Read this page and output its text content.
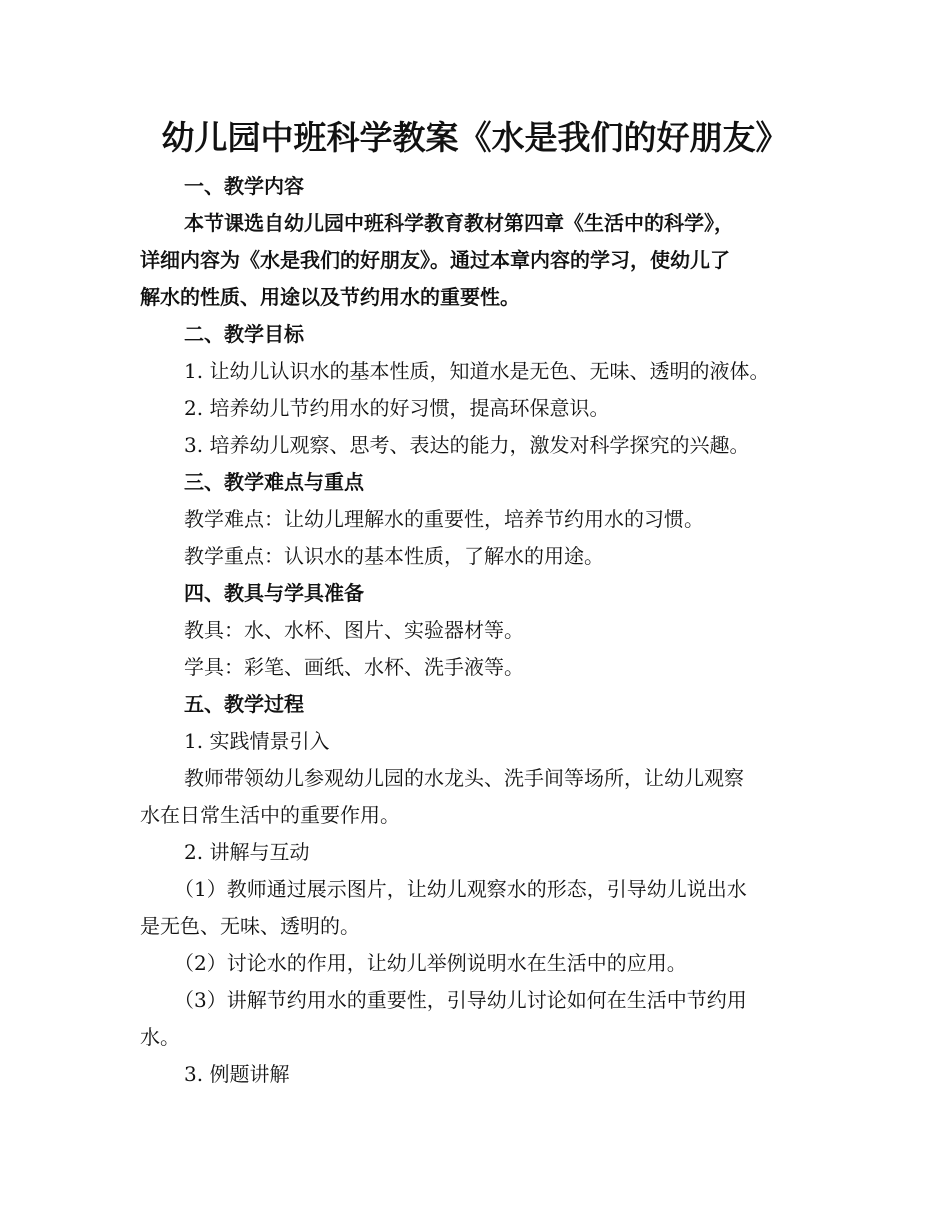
幼儿园中班科学教案《水是我们的好朋友》

一、教学内容

本节课选自幼儿园中班科学教育教材第四章《生活中的科学》，

详细内容为《水是我们的好朋友》。通过本章内容的学习，使幼儿了

解水的性质、用途以及节约用水的重要性。

二、教学目标

1. 让幼儿认识水的基本性质，知道水是无色、无味、透明的液体。

2. 培养幼儿节约用水的好习惯，提高环保意识。

3. 培养幼儿观察、思考、表达的能力，激发对科学探究的兴趣。

三、教学难点与重点

教学难点：让幼儿理解水的重要性，培养节约用水的习惯。

教学重点：认识水的基本性质，了解水的用途。

四、教具与学具准备

教具：水、水杯、图片、实验器材等。

学具：彩笔、画纸、水杯、洗手液等。

五、教学过程

1. 实践情景引入

教师带领幼儿参观幼儿园的水龙头、洗手间等场所，让幼儿观察

水在日常生活中的重要作用。

2. 讲解与互动

（1）教师通过展示图片，让幼儿观察水的形态，引导幼儿说出水

是无色、无味、透明的。

（2）讨论水的作用，让幼儿举例说明水在生活中的应用。

（3）讲解节约用水的重要性，引导幼儿讨论如何在生活中节约用

水。

3. 例题讲解
